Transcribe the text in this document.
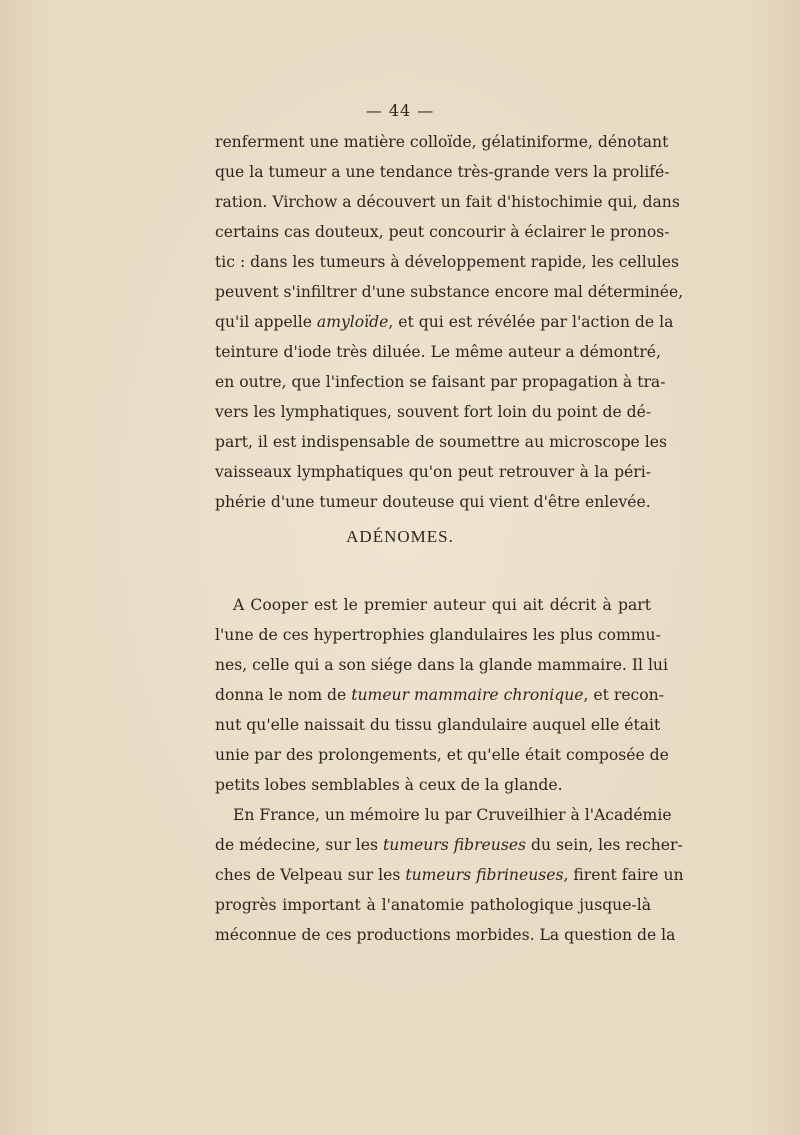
— 44 —
renferment une matière colloïde, gélatiniforme, dénotant
que la tumeur a une tendance très-grande vers la prolifé-
ration. Virchow a découvert un fait d'histochimie qui, dans
certains cas douteux, peut concourir à éclairer le pronos-
tic : dans les tumeurs à développement rapide, les cellules
peuvent s'infiltrer d'une substance encore mal déterminée,
qu'il appelle amyloïde, et qui est révélée par l'action de la
teinture d'iode très diluée. Le même auteur a démontré,
en outre, que l'infection se faisant par propagation à tra-
vers les lymphatiques, souvent fort loin du point de dé-
part, il est indispensable de soumettre au microscope les
vaisseaux lymphatiques qu'on peut retrouver à la péri-
phérie d'une tumeur douteuse qui vient d'être enlevée.
ADÉNOMES.
A Cooper est le premier auteur qui ait décrit à part
l'une de ces hypertrophies glandulaires les plus commu-
nes, celle qui a son siége dans la glande mammaire. Il lui
donna le nom de tumeur mammaire chronique, et recon-
nut qu'elle naissait du tissu glandulaire auquel elle était
unie par des prolongements, et qu'elle était composée de
petits lobes semblables à ceux de la glande.
En France, un mémoire lu par Cruveilhier à l'Académie
de médecine, sur les tumeurs fibreuses du sein, les recher-
ches de Velpeau sur les tumeurs fibrineuses, firent faire un
progrès important à l'anatomie pathologique jusque-là
méconnue de ces productions morbides. La question de la
